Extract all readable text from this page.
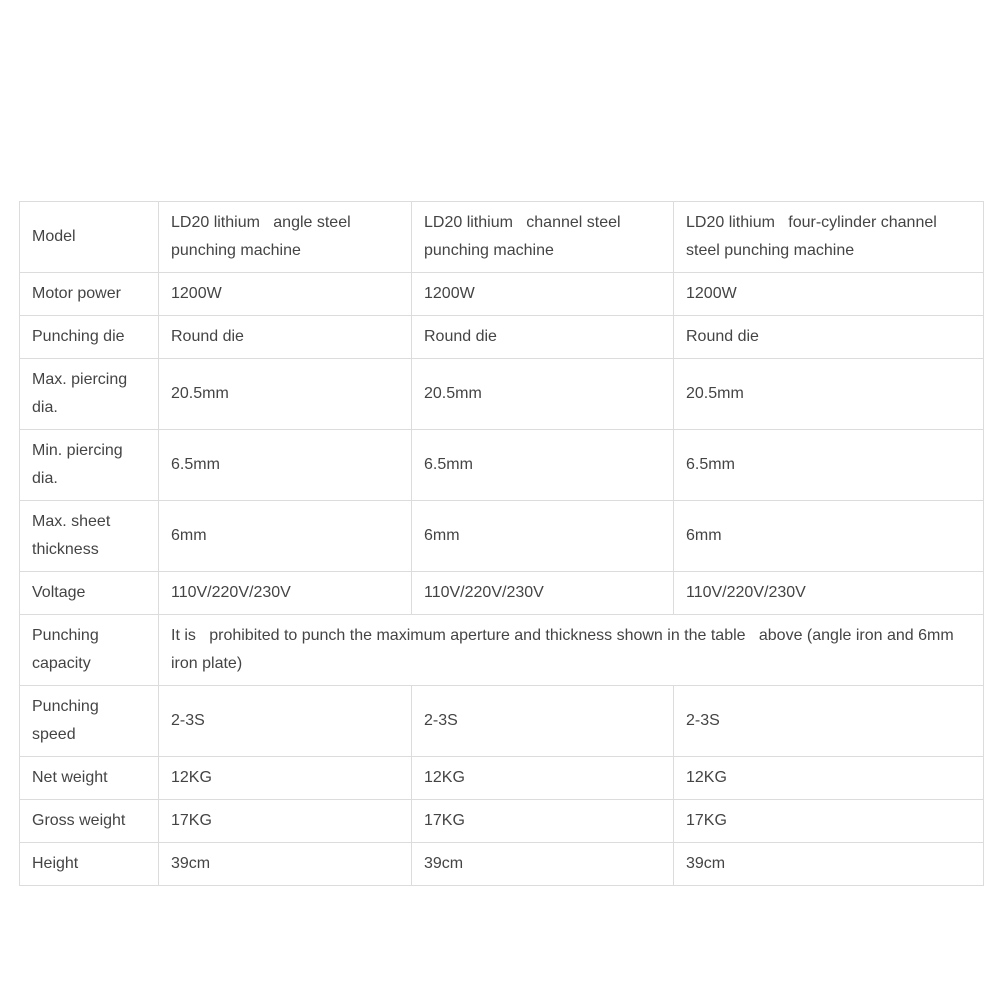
Model	LD20 lithium   angle steel punching machine	LD20 lithium   channel steel punching machine	LD20 lithium   four-cylinder channel steel punching machine
Motor power	1200W	1200W	1200W
Punching die	Round die	Round die	Round die
Max. piercing dia.	20.5mm	20.5mm	20.5mm
Min. piercing dia.	6.5mm	6.5mm	6.5mm
Max. sheet thickness	6mm	6mm	6mm
Voltage	110V/220V/230V	110V/220V/230V	110V/220V/230V
Punching capacity	It is   prohibited to punch the maximum aperture and thickness shown in the table   above (angle iron and 6mm iron plate)		
Punching speed	2-3S	2-3S	2-3S
Net weight	12KG	12KG	12KG
Gross weight	17KG	17KG	17KG
Height	39cm	39cm	39cm
